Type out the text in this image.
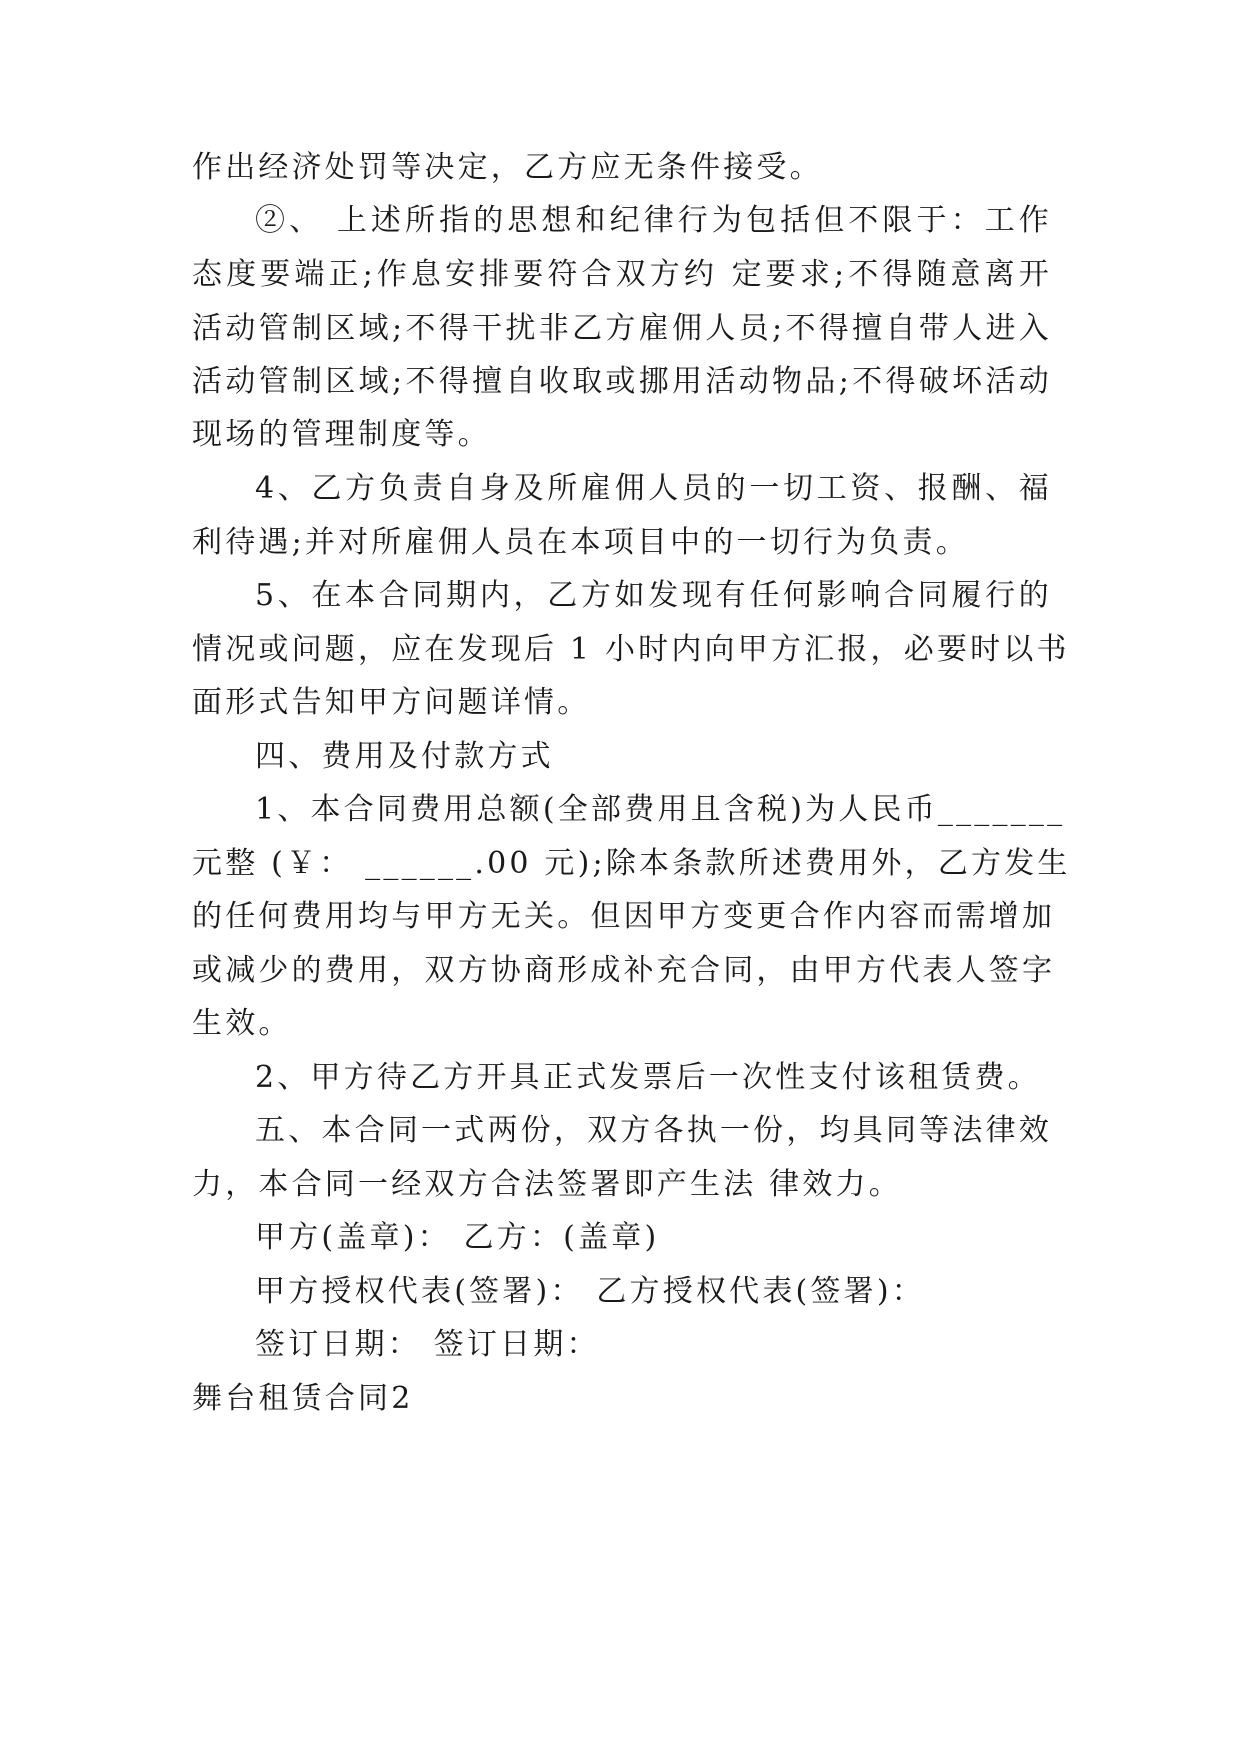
作出经济处罚等决定，乙方应无条件接受。
②、 上述所指的思想和纪律行为包括但不限于：工作
态度要端正;作息安排要符合双方约 定要求;不得随意离开
活动管制区域;不得干扰非乙方雇佣人员;不得擅自带人进入
活动管制区域;不得擅自收取或挪用活动物品;不得破坏活动
现场的管理制度等。
4、乙方负责自身及所雇佣人员的一切工资、报酬、福
利待遇;并对所雇佣人员在本项目中的一切行为负责。
5、在本合同期内，乙方如发现有任何影响合同履行的
情况或问题，应在发现后 1 小时内向甲方汇报，必要时以书
面形式告知甲方问题详情。
四、费用及付款方式
1、本合同费用总额(全部费用且含税)为人民币_______
元整 (￥： ______.00 元);除本条款所述费用外，乙方发生
的任何费用均与甲方无关。但因甲方变更合作内容而需增加
或减少的费用，双方协商形成补充合同，由甲方代表人签字
生效。
2、甲方待乙方开具正式发票后一次性支付该租赁费。
五、本合同一式两份，双方各执一份，均具同等法律效
力，本合同一经双方合法签署即产生法 律效力。
甲方(盖章)： 乙方：(盖章)
甲方授权代表(签署)： 乙方授权代表(签署)：
签订日期： 签订日期：
舞台租赁合同2
